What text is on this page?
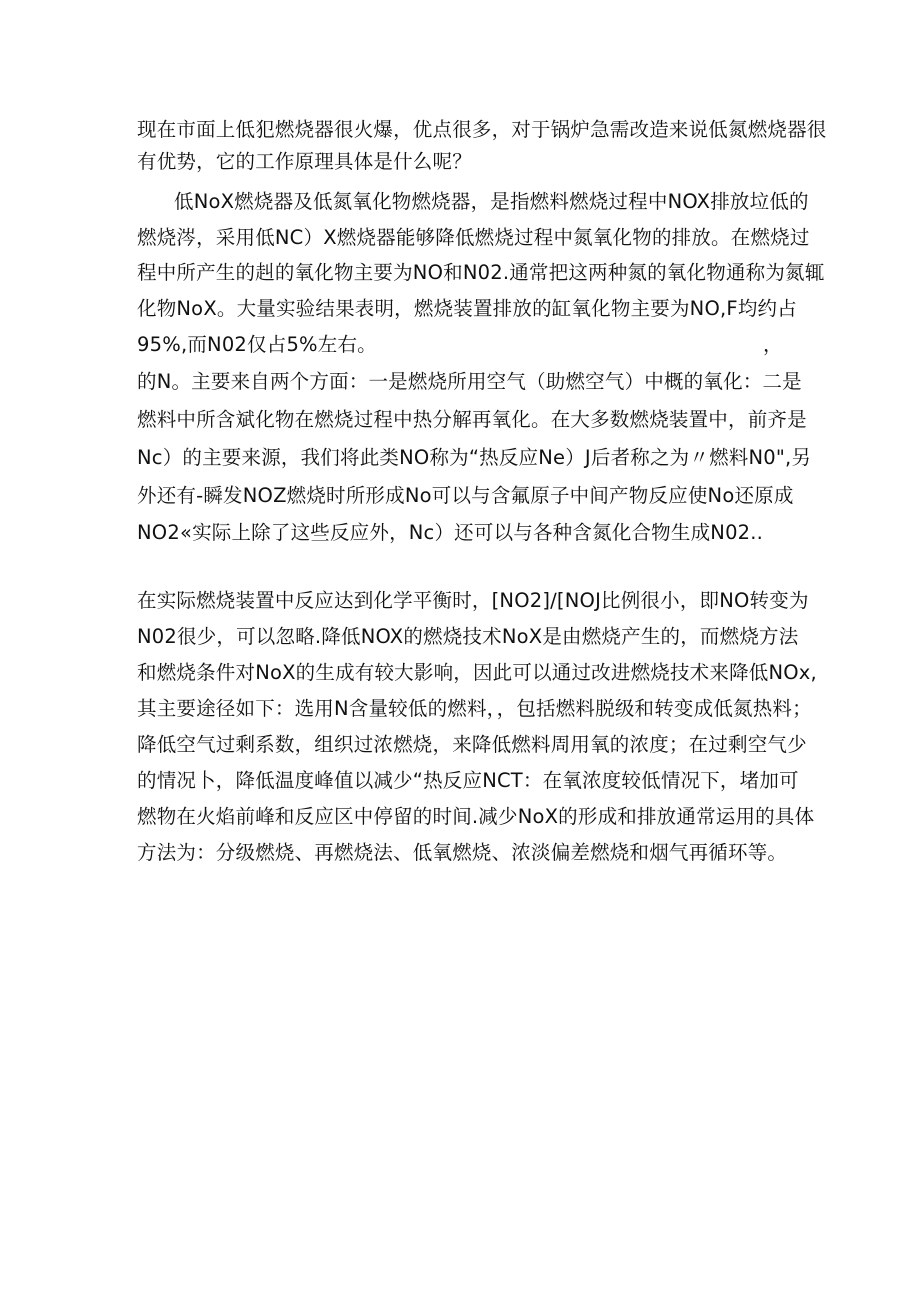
现在市面上低犯燃烧器很火爆，优点很多，对于锅炉急需改造来说低氮燃烧器很
有优势，它的工作原理具体是什么呢？
低NoX燃烧器及低氮氧化物燃烧器，是指燃料燃烧过程中NOX排放垃低的
燃烧涔，采用低NC）X燃烧器能够降低燃烧过程中氮氧化物的排放。在燃烧过
程中所产生的赳的氧化物主要为NO和N02.通常把这两种氮的氧化物通称为氮辄
化物NoX。大量实验结果表明，燃烧装置排放的缸氧化物主要为NO,F均约占
95%,而N02仅占5%左右。	，
的N。主要来自两个方面：一是燃烧所用空气（助燃空气）中概的氧化：二是
燃料中所含斌化物在燃烧过程中热分解再氧化。在大多数燃烧装置中，前齐是
Nc）的主要来源，我们将此类NO称为“热反应Ne）J后者称之为〃燃料N0",另
外还有-瞬发NOZ燃烧时所形成No可以与含氟原子中间产物反应使No还原成
NO2«实际上除了这些反应外，Nc）还可以与各种含氮化合物生成N02..
在实际燃烧装置中反应达到化学平衡时，[NO2]∕[NOJ比例很小，即NO转变为
N02很少，可以忽略.降低NOX的燃烧技术NoX是由燃烧产生的，而燃烧方法
和燃烧条件对NoX的生成有较大影响，因此可以通过改进燃烧技术来降低NOx,
其主要途径如下：选用N含量较低的燃料，，包括燃料脱级和转变成低氮热料；
降低空气过剩系数，组织过浓燃烧，来降低燃料周用氧的浓度；在过剩空气少
的情况卜，降低温度峰值以减少“热反应NCT：在氧浓度较低情况下，堵加可
燃物在火焰前峰和反应区中停留的时间.减少NoX的形成和排放通常运用的具体
方法为：分级燃烧、再燃烧法、低氧燃烧、浓淡偏差燃烧和烟气再循环等。
